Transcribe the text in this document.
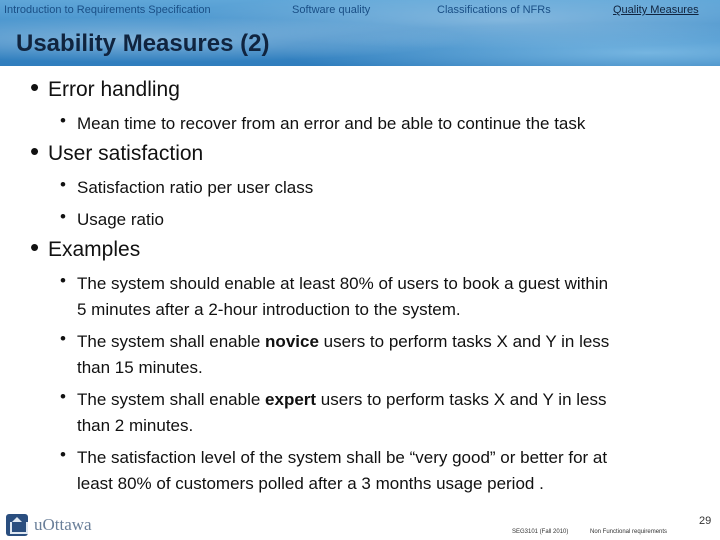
Introduction to Requirements Specification	Software quality	Classifications of NFRs	Quality Measures
Usability Measures (2)
• Error handling
• Mean time to recover from an error and be able to continue the task
• User satisfaction
• Satisfaction ratio per user class
• Usage ratio
• Examples
• The system should enable at least 80% of users to book a guest within
5 minutes after a 2-hour introduction to the system.
• The system shall enable novice users to perform tasks X and Y in less
than 15 minutes.
• The system shall enable expert users to perform tasks X and Y in less
than 2 minutes.
• The satisfaction level of the system shall be “very good” or better for at
least 80% of customers polled after a 3 months usage period .
uOttawa	SEG3101 (Fall 2010)	Non Functional requirements
29
